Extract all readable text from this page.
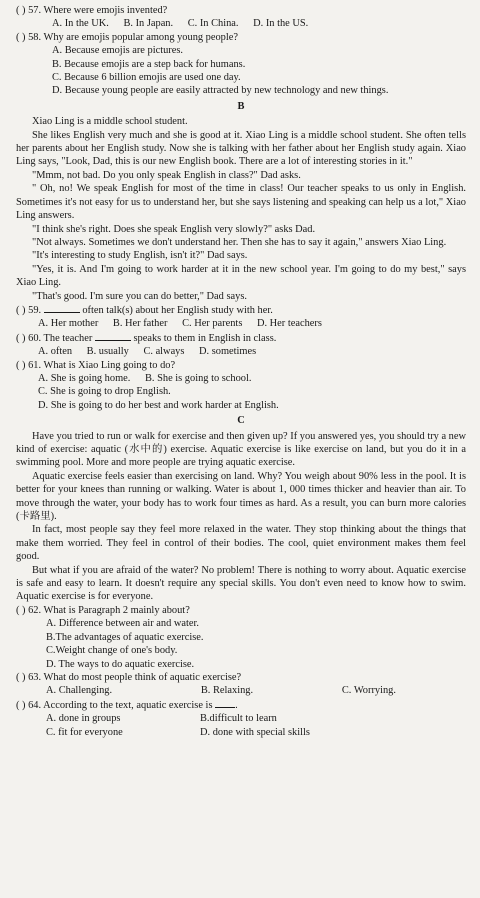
( ) 57. Where were emojis invented?
A. In the UK. B. In Japan. C. In China. D. In the US.
( ) 58. Why are emojis popular among young people?
A. Because emojis are pictures.
B. Because emojis are a step back for humans.
C. Because 6 billion emojis are used one day.
D. Because young people are easily attracted by new technology and new things.
B
Xiao Ling is a middle school student.
She likes English very much and she is good at it. Xiao Ling is a middle school student. She often tells her parents about her English study. Now she is talking with her father about her English study again. Xiao Ling says, "Look, Dad, this is our new English book. There are a lot of interesting stories in it."
"Mmm, not bad. Do you only speak English in class?" Dad asks.
" Oh, no! We speak English for most of the time in class! Our teacher speaks to us only in English. Sometimes it's not easy for us to understand her, but she says listening and speaking can help us a lot," Xiao Ling answers.
"I think she's right. Does she speak English very slowly?" asks Dad.
"Not always. Sometimes we don't understand her. Then she has to say it again," answers Xiao Ling.
"It's interesting to study English, isn't it?" Dad says.
"Yes, it is. And I'm going to work harder at it in the new school year. I'm going to do my best," says Xiao Ling.
"That's good. I'm sure you can do better," Dad says.
( ) 59.	often talk(s) about her English study with her.
A. Her mother B. Her father C. Her parents D. Her teachers
( ) 60. The teacher	speaks to them in English in class.
A. often B. usually C. always D. sometimes
( ) 61. What is Xiao Ling going to do?
A. She is going home. B. She is going to school.
C. She is going to drop English.
D. She is going to do her best and work harder at English.
C
Have you tried to run or walk for exercise and then given up? If you answered yes, you should try a new kind of exercise: aquatic (水中的) exercise. Aquatic exercise is like exercise on land, but you do it in a swimming pool. More and more people are trying aquatic exercise.
Aquatic exercise feels easier than exercising on land. Why? You weigh about 90% less in the pool. It is better for your knees than running or walking. Water is about 1, 000 times thicker and heavier than air. To move through the water, your body has to work four times as hard. As a result, you can burn more calories (卡路里).
In fact, most people say they feel more relaxed in the water. They stop thinking about the things that make them worried. They feel in control of their bodies. The cool, quiet environment makes them feel good.
But what if you are afraid of the water? No problem! There is nothing to worry about. Aquatic exercise is safe and easy to learn. It doesn't require any special skills. You don't even need to know how to swim. Aquatic exercise is for everyone.
( ) 62. What is Paragraph 2 mainly about?
A. Difference between air and water.
B.The advantages of aquatic exercise.
C.Weight change of one's body.
D. The ways to do aquatic exercise.
( ) 63. What do most people think of aquatic exercise?
A. Challenging.	B. Relaxing.	C. Worrying.
( ) 64. According to the text, aquatic exercise is .
A. done in groups	B.difficult to learn
C. fit for everyone	D. done with special skills
